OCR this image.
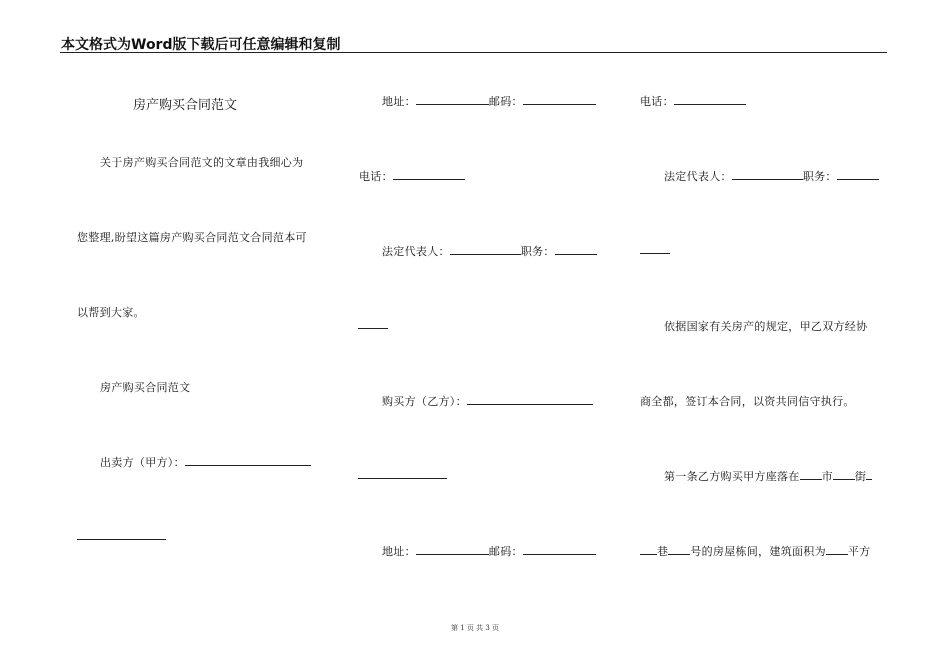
本文格式为Word版下载后可任意编辑和复制
房产购买合同范文
关于房产购买合同范文的文章由我细心为
您整理,盼望这篇房产购买合同范文合同范本可
以帮到大家。
房产购买合同范文
出卖方（甲方）：
地址：	邮码：
电话：
法定代表人：	职务：
购买方（乙方）：
地址：	邮码：
电话：
法定代表人：	职务：
依据国家有关房产的规定，甲乙双方经协
商全都，签订本合同，以资共同信守执行。
第一条乙方购买甲方座落在 市 街
巷 号的房屋栋间，建筑面积为 平方
第 1 页 共 3 页
